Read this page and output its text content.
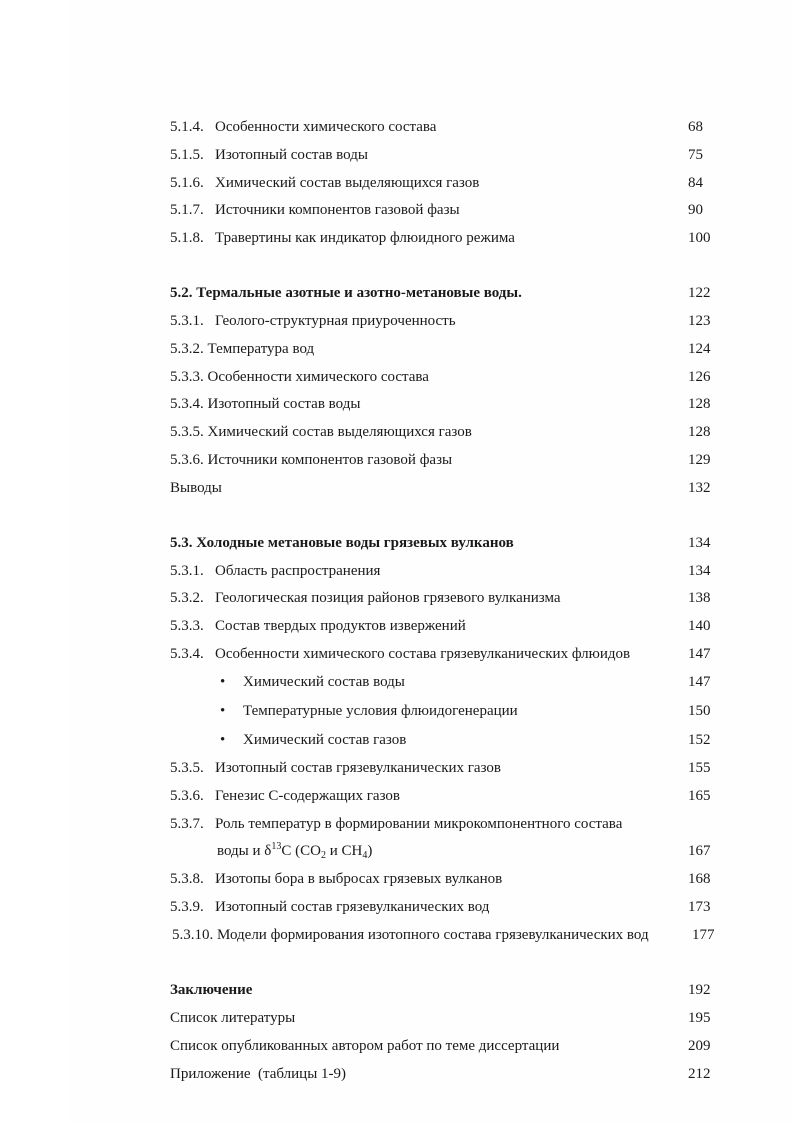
5.1.4. Особенности химического состава	68
5.1.5. Изотопный состав воды	75
5.1.6. Химический состав выделяющихся газов	84
5.1.7. Источники компонентов газовой фазы	90
5.1.8. Травертины как индикатор флюидного режима	100
5.2. Термальные азотные и азотно-метановые воды.	122
5.3.1. Геолого-структурная приуроченность	123
5.3.2. Температура вод	124
5.3.3. Особенности химического состава	126
5.3.4. Изотопный состав воды	128
5.3.5. Химический состав выделяющихся газов	128
5.3.6. Источники компонентов газовой фазы	129
Выводы	132
5.3. Холодные метановые воды грязевых вулканов	134
5.3.1. Область распространения	134
5.3.2. Геологическая позиция районов грязевого вулканизма	138
5.3.3. Состав твердых продуктов извержений	140
5.3.4. Особенности химического состава грязевулканических флюидов	147
• Химический состав воды	147
• Температурные условия флюидогенерации	150
• Химический состав газов	152
5.3.5. Изотопный состав грязевулканических газов	155
5.3.6. Генезис С-содержащих газов	165
5.3.7. Роль температур в формировании микрокомпонентного состава
воды и $\delta^{13}C$ ($CO_2$ и $CH_4$)	167
5.3.8. Изотопы бора в выбросах грязевых вулканов	168
5.3.9. Изотопный состав грязевулканических вод	173
5.3.10. Модели формирования изотопного состава грязевулканических вод	177
Заключение	192
Список литературы	195
Список опубликованных автором работ по теме диссертации	209
Приложение  (таблицы 1-9)	212
